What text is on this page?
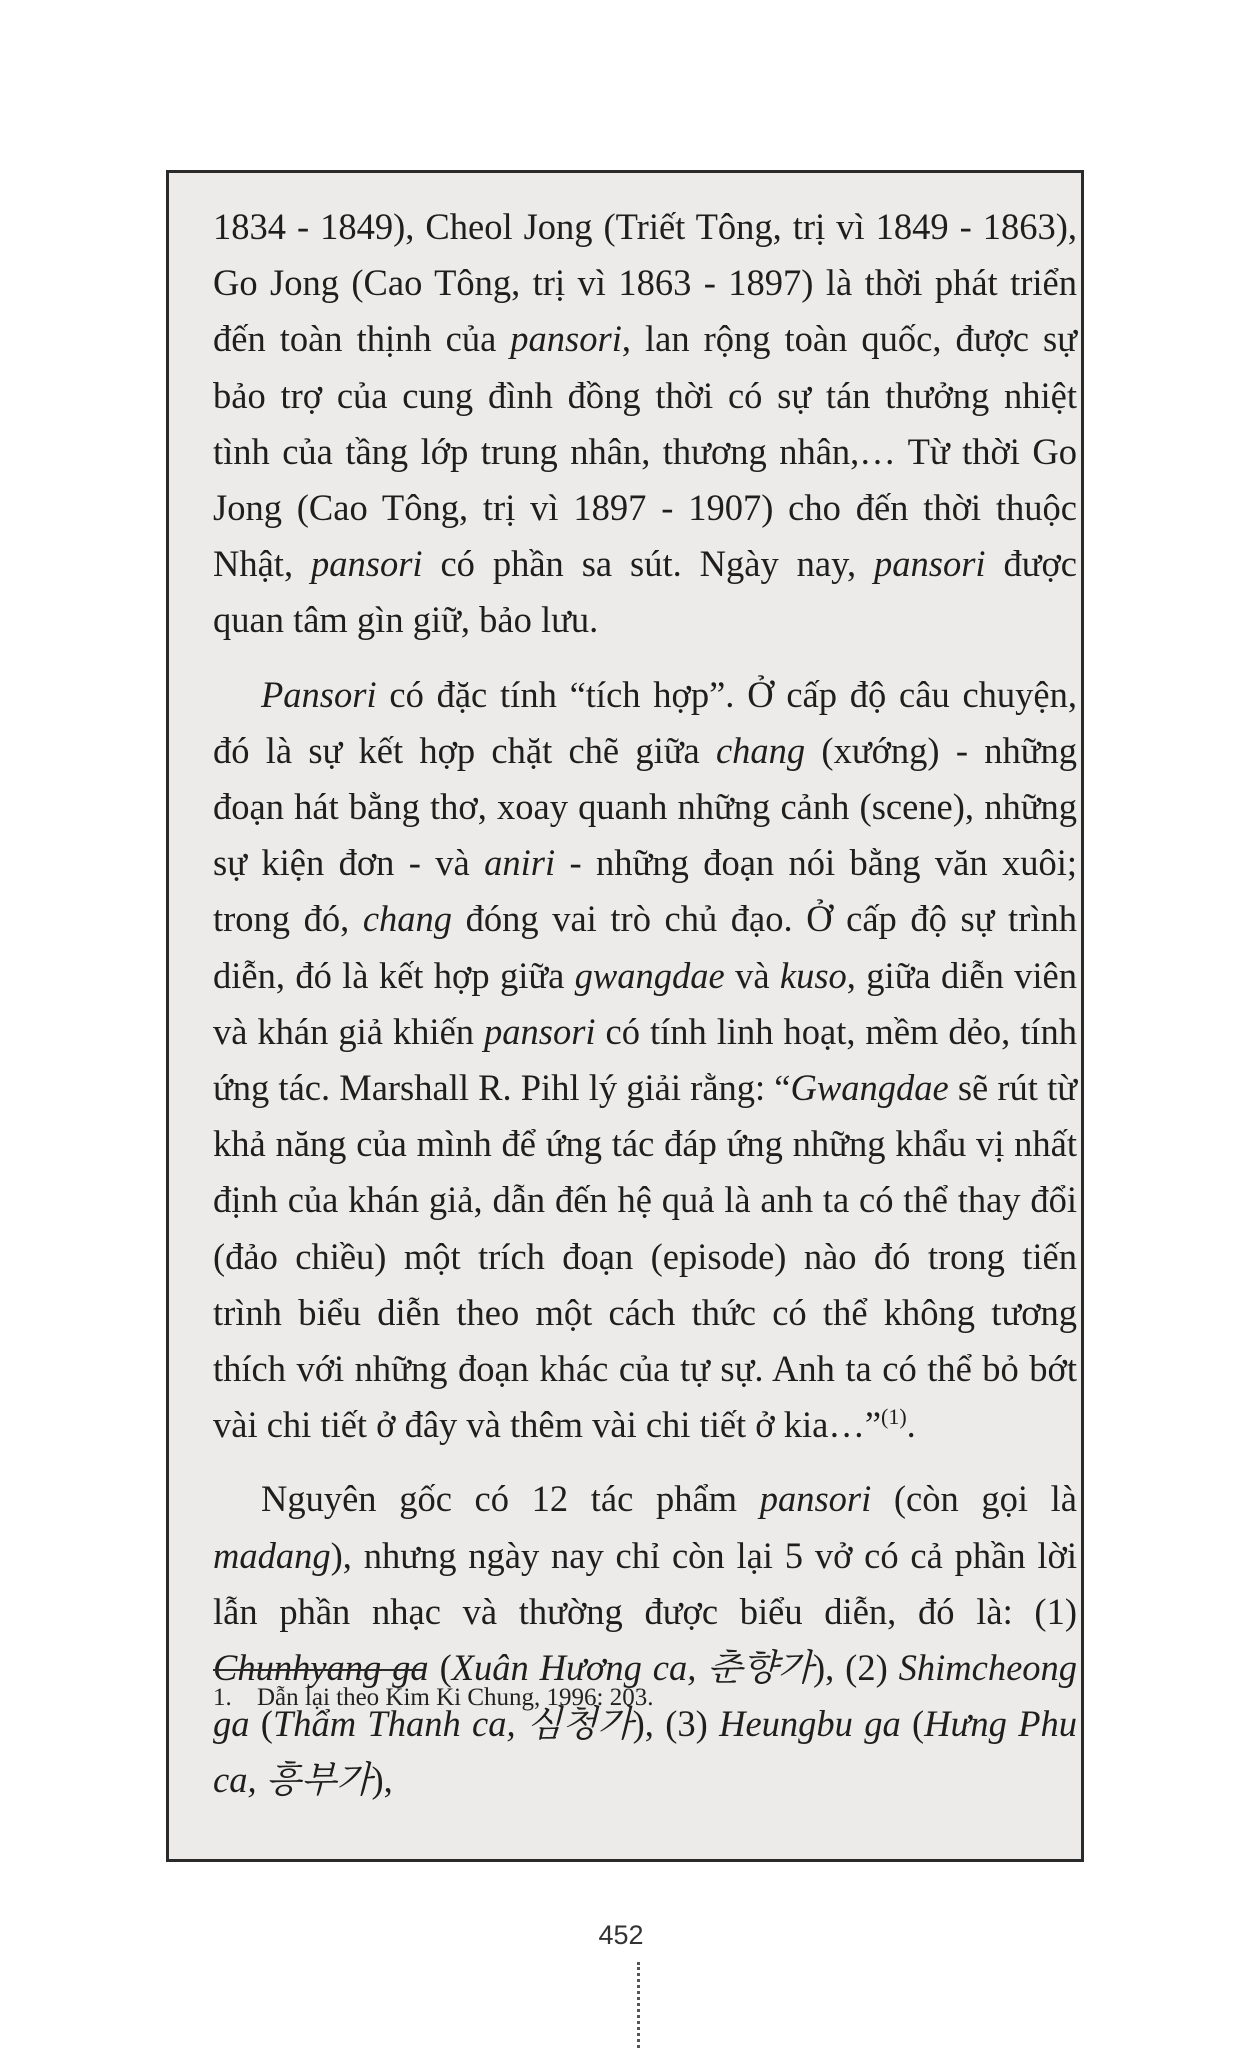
1834 - 1849), Cheol Jong (Triết Tông, trị vì 1849 - 1863), Go Jong (Cao Tông, trị vì 1863 - 1897) là thời phát triển đến toàn thịnh của pansori, lan rộng toàn quốc, được sự bảo trợ của cung đình đồng thời có sự tán thưởng nhiệt tình của tầng lớp trung nhân, thương nhân,… Từ thời Go Jong (Cao Tông, trị vì 1897 - 1907) cho đến thời thuộc Nhật, pansori có phần sa sút. Ngày nay, pansori được quan tâm gìn giữ, bảo lưu.

Pansori có đặc tính “tích hợp”. Ở cấp độ câu chuyện, đó là sự kết hợp chặt chẽ giữa chang (xướng) - những đoạn hát bằng thơ, xoay quanh những cảnh (scene), những sự kiện đơn - và aniri - những đoạn nói bằng văn xuôi; trong đó, chang đóng vai trò chủ đạo. Ở cấp độ sự trình diễn, đó là kết hợp giữa gwangdae và kuso, giữa diễn viên và khán giả khiến pansori có tính linh hoạt, mềm dẻo, tính ứng tác. Marshall R. Pihl lý giải rằng: “Gwangdae sẽ rút từ khả năng của mình để ứng tác đáp ứng những khẩu vị nhất định của khán giả, dẫn đến hệ quả là anh ta có thể thay đổi (đảo chiều) một trích đoạn (episode) nào đó trong tiến trình biểu diễn theo một cách thức có thể không tương thích với những đoạn khác của tự sự. Anh ta có thể bỏ bớt vài chi tiết ở đây và thêm vài chi tiết ở kia…”$^{(1)}$.

Nguyên gốc có 12 tác phẩm pansori (còn gọi là madang), nhưng ngày nay chỉ còn lại 5 vở có cả phần lời lẫn phần nhạc và thường được biểu diễn, đó là: (1) Chunhyang ga (Xuân Hương ca, 춘향가), (2) Shimcheong ga (Thẩm Thanh ca, 심청가), (3) Heungbu ga (Hưng Phu ca, 흥부가),

1. Dẫn lại theo Kim Ki Chung, 1996: 203.
452
